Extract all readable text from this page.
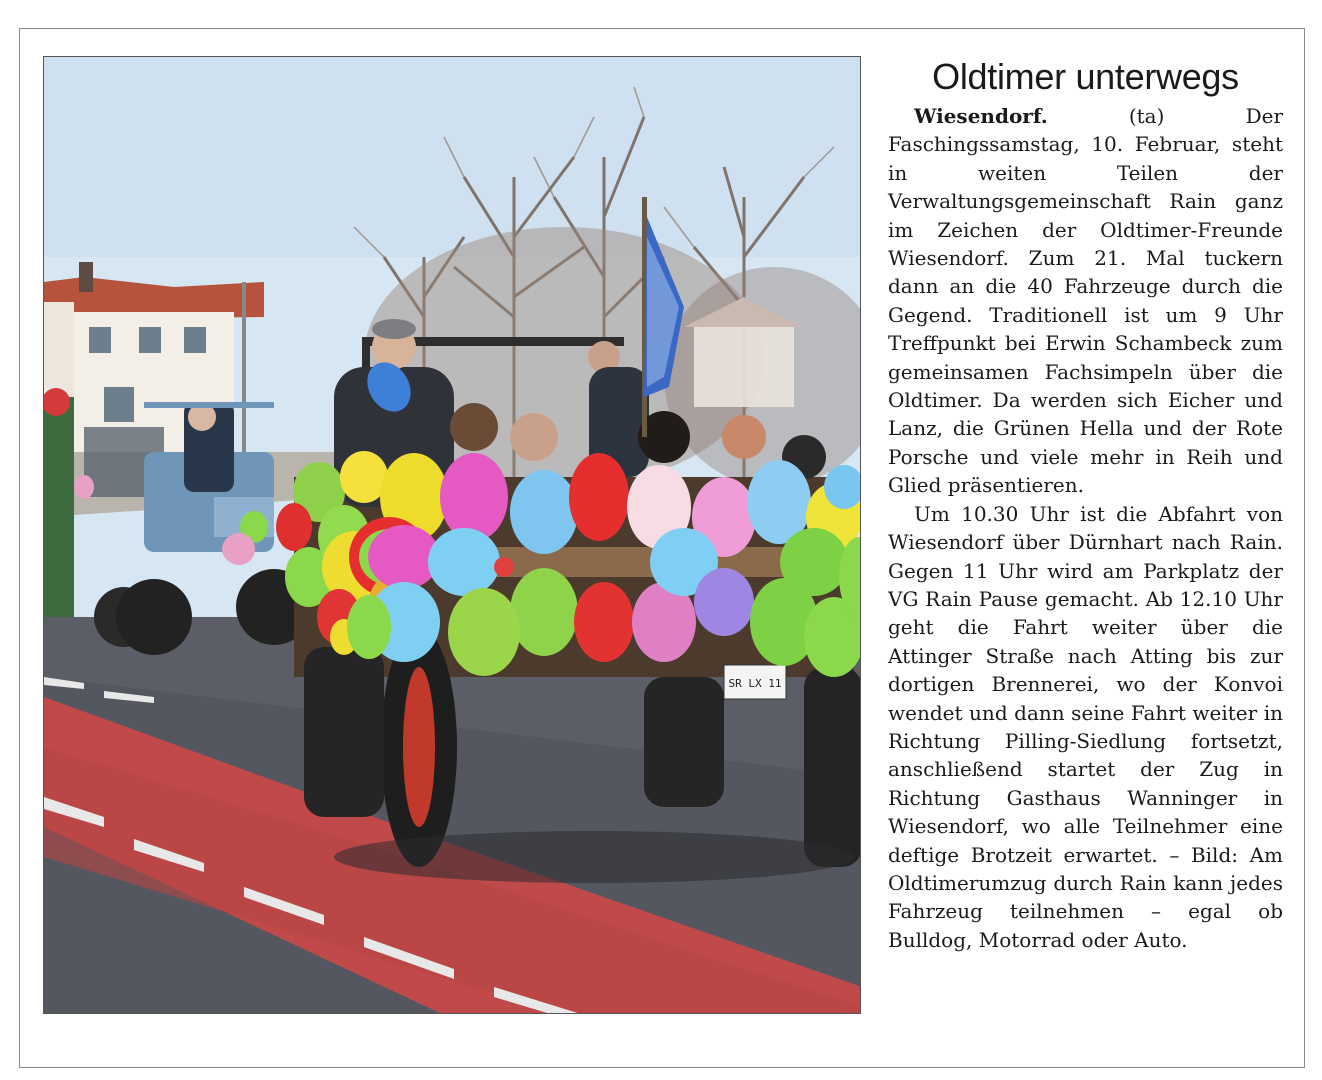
SR LX 11
Oldtimer unterwegs

Wiesendorf.	(ta) Der Faschingssamstag, 10. Februar, steht in weiten Teilen der Verwaltungsgemeinschaft Rain ganz im Zeichen der Oldtimer-Freunde Wiesendorf. Zum 21. Mal tuckern dann an die 40 Fahrzeuge durch die Gegend. Traditionell ist um 9 Uhr Treffpunkt bei Erwin Schambeck zum gemeinsamen Fachsimpeln über die Oldtimer. Da werden sich Eicher und Lanz, die Grünen Hella und der Rote Porsche und viele mehr in Reih und Glied präsentieren.

Um 10.30 Uhr ist die Abfahrt von Wiesendorf über Dürnhart nach Rain. Gegen 11 Uhr wird am Parkplatz der VG Rain Pause gemacht. Ab 12.10 Uhr geht die Fahrt weiter über die Attinger Straße nach Atting bis zur dortigen Brennerei, wo der Konvoi wendet und dann seine Fahrt weiter in Richtung Pilling-Siedlung fortsetzt, anschließend startet der Zug in Richtung Gasthaus Wanninger in Wiesendorf, wo alle Teilnehmer eine deftige Brotzeit erwartet. – Bild: Am Oldtimerumzug durch Rain kann jedes Fahrzeug teilnehmen – egal ob Bulldog, Motorrad oder Auto.
